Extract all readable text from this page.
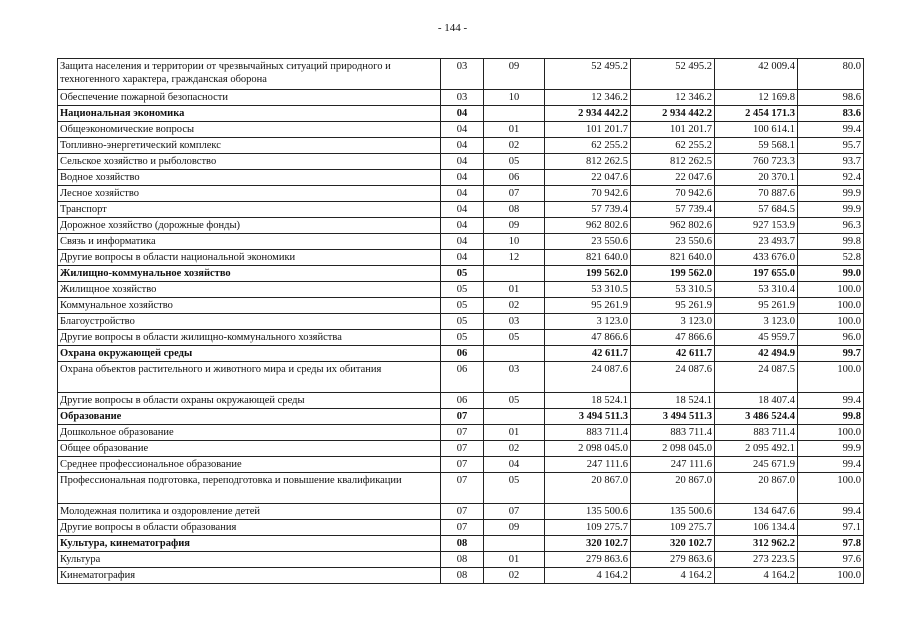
- 144 -
Защита населения и территории от чрезвычайных ситуаций природного и техногенного характера, гражданская оборона	03	09	52 495.2	52 495.2	42 009.4	80.0
Обеспечение пожарной безопасности	03	10	12 346.2	12 346.2	12 169.8	98.6
Национальная экономика	04		2 934 442.2	2 934 442.2	2 454 171.3	83.6
Общеэкономические вопросы	04	01	101 201.7	101 201.7	100 614.1	99.4
Топливно-энергетический комплекс	04	02	62 255.2	62 255.2	59 568.1	95.7
Сельское хозяйство и рыболовство	04	05	812 262.5	812 262.5	760 723.3	93.7
Водное хозяйство	04	06	22 047.6	22 047.6	20 370.1	92.4
Лесное хозяйство	04	07	70 942.6	70 942.6	70 887.6	99.9
Транспорт	04	08	57 739.4	57 739.4	57 684.5	99.9
Дорожное хозяйство (дорожные фонды)	04	09	962 802.6	962 802.6	927 153.9	96.3
Связь и информатика	04	10	23 550.6	23 550.6	23 493.7	99.8
Другие вопросы в области национальной экономики	04	12	821 640.0	821 640.0	433 676.0	52.8
Жилищно-коммунальное хозяйство	05		199 562.0	199 562.0	197 655.0	99.0
Жилищное хозяйство	05	01	53 310.5	53 310.5	53 310.4	100.0
Коммунальное хозяйство	05	02	95 261.9	95 261.9	95 261.9	100.0
Благоустройство	05	03	3 123.0	3 123.0	3 123.0	100.0
Другие вопросы в области жилищно-коммунального хозяйства	05	05	47 866.6	47 866.6	45 959.7	96.0
Охрана окружающей среды	06		42 611.7	42 611.7	42 494.9	99.7
Охрана объектов растительного и животного мира и среды их обитания	06	03	24 087.6	24 087.6	24 087.5	100.0
Другие вопросы в области охраны окружающей среды	06	05	18 524.1	18 524.1	18 407.4	99.4
Образование	07		3 494 511.3	3 494 511.3	3 486 524.4	99.8
Дошкольное образование	07	01	883 711.4	883 711.4	883 711.4	100.0
Общее образование	07	02	2 098 045.0	2 098 045.0	2 095 492.1	99.9
Среднее профессиональное образование	07	04	247 111.6	247 111.6	245 671.9	99.4
Профессиональная подготовка, переподготовка и повышение квалификации	07	05	20 867.0	20 867.0	20 867.0	100.0
Молодежная политика и оздоровление детей	07	07	135 500.6	135 500.6	134 647.6	99.4
Другие вопросы в области образования	07	09	109 275.7	109 275.7	106 134.4	97.1
Культура, кинематография	08		320 102.7	320 102.7	312 962.2	97.8
Культура	08	01	279 863.6	279 863.6	273 223.5	97.6
Кинематография	08	02	4 164.2	4 164.2	4 164.2	100.0
